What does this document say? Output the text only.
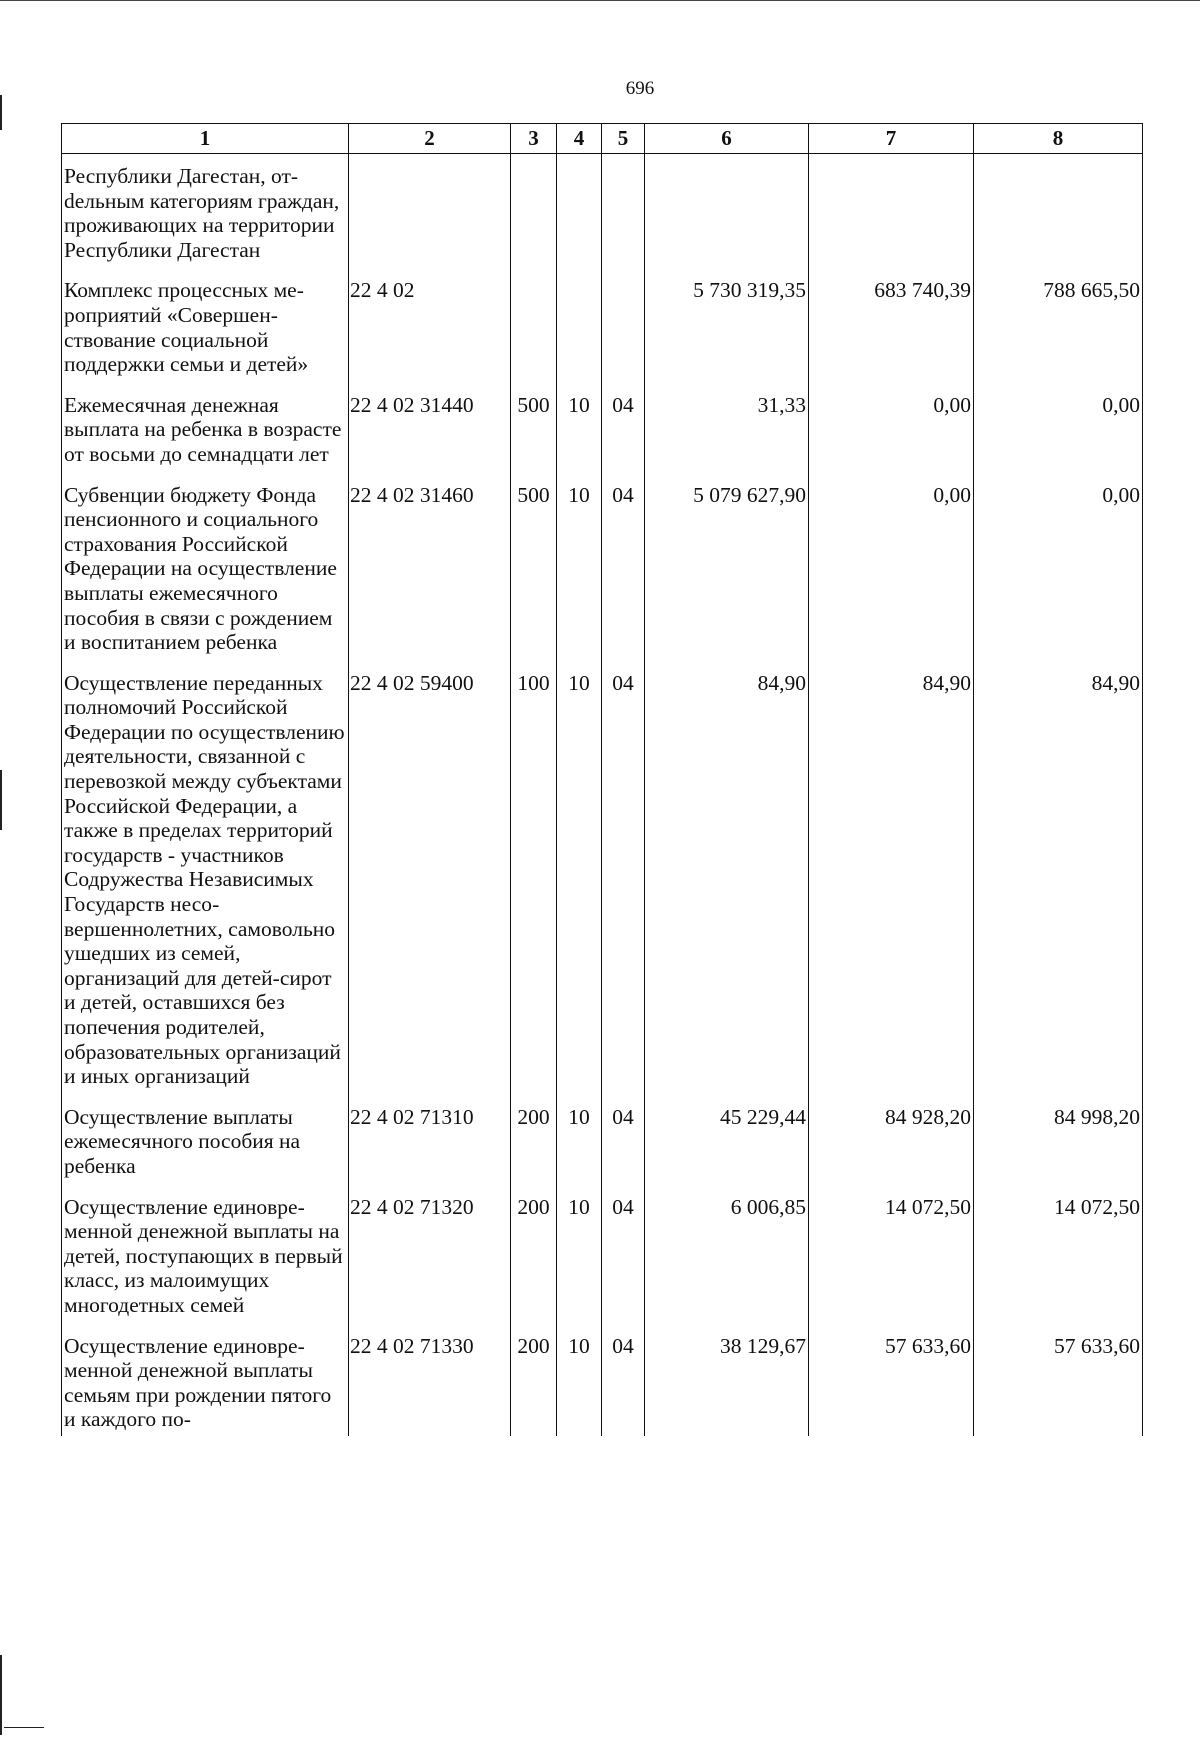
696
1	2	3	4	5	6	7	8
Республики Дагестан, отdельным категориям граждан, проживающих на территории Республики Дагестан							
Комплекс процессных мероприятий «Совершенствование социальной поддержки семьи и детей»	22 4 02				5 730 319,35	683 740,39	788 665,50
Ежемесячная денежная выплата на ребенка в возрасте от восьми до семнадцати лет	22 4 02 31440	500	10	04	31,33	0,00	0,00
Субвенции бюджету Фонда пенсионного и социального страхования Российской Федерации на осуществление выплаты ежемесячного пособия в связи с рождением и воспитанием ребенка	22 4 02 31460	500	10	04	5 079 627,90	0,00	0,00
Осуществление переданных полномочий Российской Федерации по осуществлению деятельности, связанной с перевозкой между субъектами Российской Федерации, а также в пределах территорий государств - участников Содружества Независимых Государств несовершеннолетних, самовольно ушедших из семей, организаций для детей-сирот и детей, оставшихся без попечения родителей, образовательных организаций и иных организаций	22 4 02 59400	100	10	04	84,90	84,90	84,90
Осуществление выплаты ежемесячного пособия на ребенка	22 4 02 71310	200	10	04	45 229,44	84 928,20	84 998,20
Осуществление единовременной денежной выплаты на детей, поступающих в первый класс, из малоимущих многодетных семей	22 4 02 71320	200	10	04	6 006,85	14 072,50	14 072,50
Осуществление единовременной денежной выплаты семьям при рождении пятого и каждого по-	22 4 02 71330	200	10	04	38 129,67	57 633,60	57 633,60
